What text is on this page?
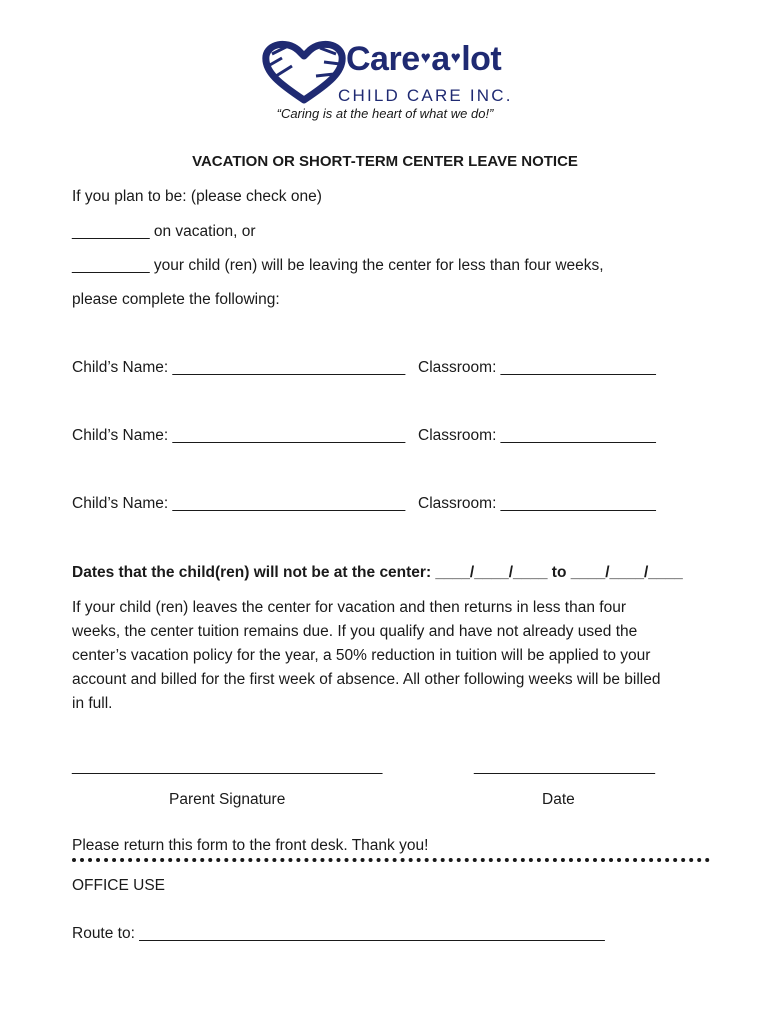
Care♥a♥lot
CHILD CARE INC.
“Caring is at the heart of what we do!”
VACATION OR SHORT-TERM CENTER LEAVE NOTICE
If you plan to be: (please check one)
_________ on vacation, or
_________ your child (ren) will be leaving the center for less than four weeks,
please complete the following:
Child’s Name: ___________________________ Classroom: __________________
Child’s Name: ___________________________ Classroom: __________________
Child’s Name: ___________________________ Classroom: __________________
Dates that the child(ren) will not be at the center: ____/____/____ to ____/____/____

If your child (ren) leaves the center for vacation and then returns in less than four

weeks, the center tuition remains due. If you qualify and have not already used the

center’s vacation policy for the year, a 50% reduction in tuition will be applied to your

account and billed for the first week of absence. All other following weeks will be billed

in full.

____________________________________	_____________________
Parent Signature	Date
Please return this form to the front desk. Thank you!
OFFICE USE
Route to: ______________________________________________________
